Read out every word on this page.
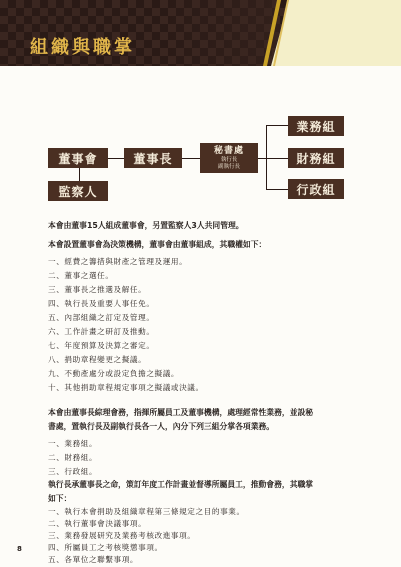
組織與職掌
董事會	董事長
秘書處
執行長
副執行長
監察人
業務組
財務組
行政組
本會由董事15人組成董事會，另置監察人3人共同管理。
本會設置董事會為決策機構，董事會由董事組成，其職權如下：
一、經費之籌措與財產之管理及運用。
二、董事之選任。
三、董事長之推選及解任。
四、執行長及重要人事任免。
五、內部組織之訂定及管理。
六、工作計畫之研訂及推動。
七、年度預算及決算之審定。
八、捐助章程變更之擬議。
九、不動產處分或設定負擔之擬議。
十、其他捐助章程規定事項之擬議或決議。
本會由董事長綜理會務，指揮所屬員工及董事機構，處理經常性業務，並設秘
書處，置執行長及副執行長各一人，內分下列三組分掌各項業務。
一、業務組。
二、財務組。
三、行政組。
執行長承董事長之命，策訂年度工作計畫並督導所屬員工，推動會務，其職掌
如下：
一、執行本會捐助及組織章程第三條規定之目的事業。
二、執行董事會決議事項。
三、業務發展研究及業務考核改進事項。
8	四、所屬員工之考核獎懲事項。
五、各單位之聯繫事項。
